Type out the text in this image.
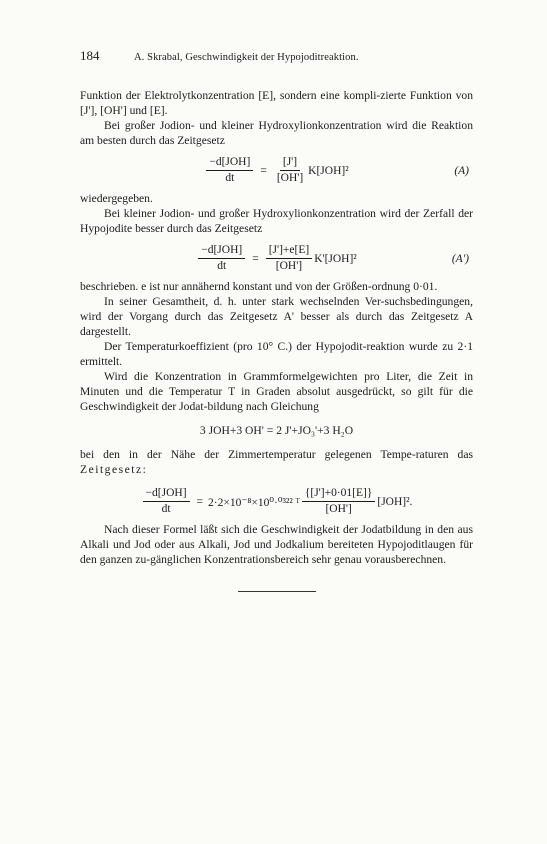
184	A. Skrabal, Geschwindigkeit der Hypojoditreaktion.

Funktion der Elektrolytkonzentration [E], sondern eine kompli-zierte Funktion von [J'], [OH'] und [E].

Bei großer Jodion- und kleiner Hydroxylionkonzentration wird die Reaktion am besten durch das Zeitgesetz

$\frac{\text{−d[JOH]}}{dt} = \frac{[J']}{[OH']} K[JOH]^2$	(A)

wiedergegeben.

Bei kleiner Jodion- und großer Hydroxylionkonzentration wird der Zerfall der Hypojodite besser durch das Zeitgesetz

$\frac{\text{−d[JOH]}}{dt} = \frac{[J']+e[E]}{[OH']} K'[JOH]^2$	(A')

beschrieben. e ist nur annähernd konstant und von der Größen-ordnung 0·01.

In seiner Gesamtheit, d. h. unter stark wechselnden Ver-suchsbedingungen, wird der Vorgang durch das Zeitgesetz A' besser als durch das Zeitgesetz A dargestellt.

Der Temperaturkoeffizient (pro 10° C.) der Hypojodit-reaktion wurde zu 2·1 ermittelt.

Wird die Konzentration in Grammformelgewichten pro Liter, die Zeit in Minuten und die Temperatur T in Graden absolut ausgedrückt, so gilt für die Geschwindigkeit der Jodat-bildung nach Gleichung

3 JOH+3 OH' = 2 J'+JO₃'+3 H₂O

bei den in der Nähe der Zimmertemperatur gelegenen Tempe-raturen das Zeitgesetz:

$\frac{\text{−d[JOH]}}{dt} = 2\cdot 2\times 10^{-8}\times 10^0\cdot^{0322}$ ᵀ $\frac{\{[J']+0\cdot 01[E]\}}{[OH']} [JOH]^2$.

Nach dieser Formel läßt sich die Geschwindigkeit der Jodatbildung in den aus Alkali und Jod oder aus Alkali, Jod und Jodkalium bereiteten Hypojoditlaugen für den ganzen zu-gänglichen Konzentrationsbereich sehr genau vorausberechnen.
